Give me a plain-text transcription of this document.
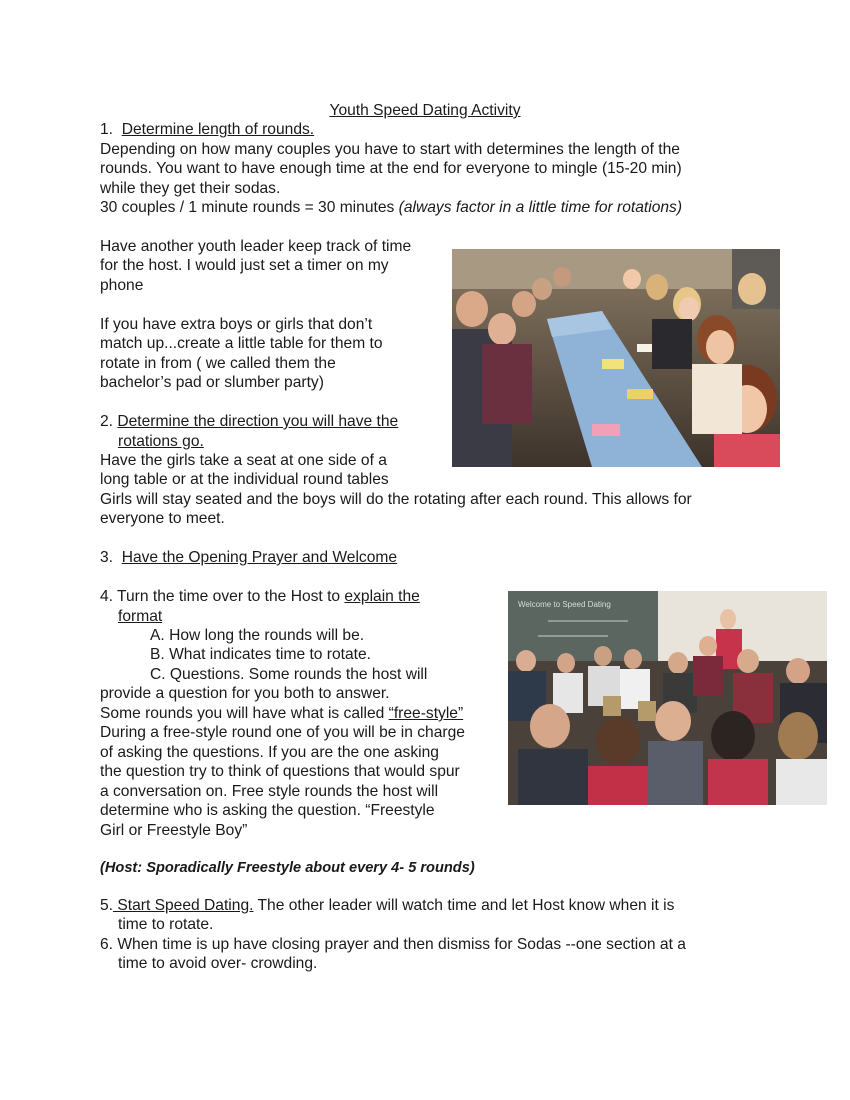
Youth Speed Dating Activity
1. Determine length of rounds.
Depending on how many couples you have to start with determines the length of the
rounds. You want to have enough time at the end for everyone to mingle (15-20 min)
while they get their sodas.
30 couples / 1 minute rounds = 30 minutes (always factor in a little time for rotations)
Have another youth leader keep track of time
for the host. I would just set a timer on my
phone
If you have extra boys or girls that don’t
match up...create a little table for them to
rotate in from ( we called them the
bachelor’s pad or slumber party)
2. Determine the direction you will have the
rotations go.
Have the girls take a seat at one side of a
long table or at the individual round tables
Girls will stay seated and the boys will do the rotating after each round. This allows for
everyone to meet.
3. Have the Opening Prayer and Welcome
4. Turn the time over to the Host to explain the
format
A. How long the rounds will be.
B. What indicates time to rotate.
C. Questions. Some rounds the host will
provide a question for you both to answer.
Some rounds you will have what is called “free-style”
During a free-style round one of you will be in charge
of asking the questions. If you are the one asking
the question try to think of questions that would spur
a conversation on. Free style rounds the host will
determine who is asking the question. “Freestyle
Girl or Freestyle Boy”
(Host: Sporadically Freestyle about every 4- 5 rounds)
5. Start Speed Dating. The other leader will watch time and let Host know when it is
time to rotate.
6. When time is up have closing prayer and then dismiss for Sodas --one section at a
time to avoid over- crowding.
Welcome to Speed Dating
